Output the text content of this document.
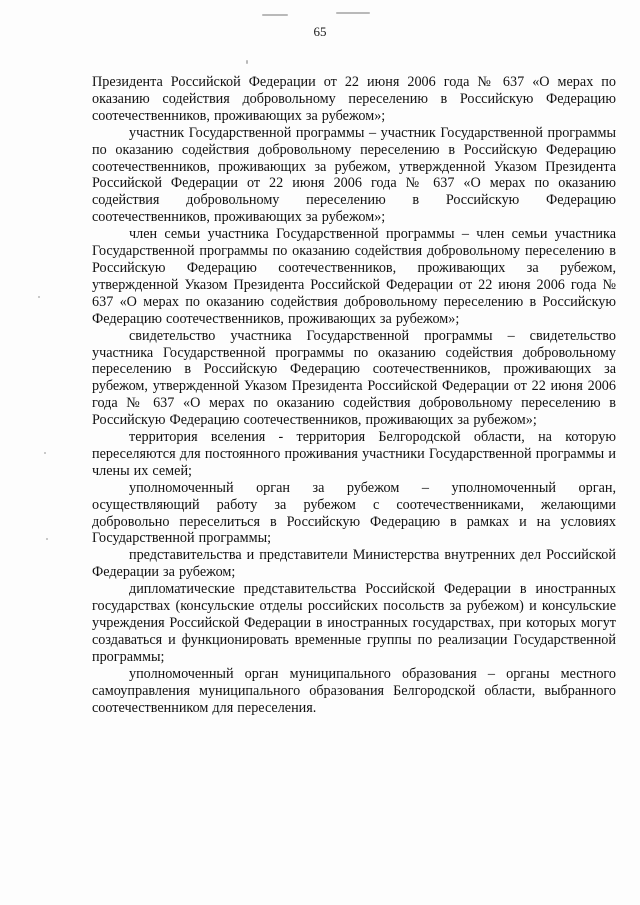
65

Президента Российской Федерации от 22 июня 2006 года № 637 «О мерах по оказанию содействия добровольному переселению в Российскую Федерацию соотечественников, проживающих за рубежом»;

участник Государственной программы – участник Государственной программы по оказанию содействия добровольному переселению в Российскую Федерацию соотечественников, проживающих за рубежом, утвержденной Указом Президента Российской Федерации от 22 июня 2006 года № 637 «О мерах по оказанию содействия добровольному переселению в Российскую Федерацию соотечественников, проживающих за рубежом»;

член семьи участника Государственной программы – член семьи участника Государственной программы по оказанию содействия добровольному переселению в Российскую Федерацию соотечественников, проживающих за рубежом, утвержденной Указом Президента Российской Федерации от 22 июня 2006 года № 637 «О мерах по оказанию содействия добровольному переселению в Российскую Федерацию соотечественников, проживающих за рубежом»;

свидетельство участника Государственной программы – свидетельство участника Государственной программы по оказанию содействия добровольному переселению в Российскую Федерацию соотечественников, проживающих за рубежом, утвержденной Указом Президента Российской Федерации от 22 июня 2006 года № 637 «О мерах по оказанию содействия добровольному переселению в Российскую Федерацию соотечественников, проживающих за рубежом»;

территория вселения - территория Белгородской области, на которую переселяются для постоянного проживания участники Государственной программы и члены их семей;

уполномоченный орган за рубежом – уполномоченный орган, осуществляющий работу за рубежом с соотечественниками, желающими добровольно переселиться в Российскую Федерацию в рамках и на условиях Государственной программы;

представительства и представители Министерства внутренних дел Российской Федерации за рубежом;

дипломатические представительства Российской Федерации в иностранных государствах (консульские отделы российских посольств за рубежом) и консульские учреждения Российской Федерации в иностранных государствах, при которых могут создаваться и функционировать временные группы по реализации Государственной программы;

уполномоченный орган муниципального образования – органы местного самоуправления муниципального образования Белгородской области, выбранного соотечественником для переселения.
